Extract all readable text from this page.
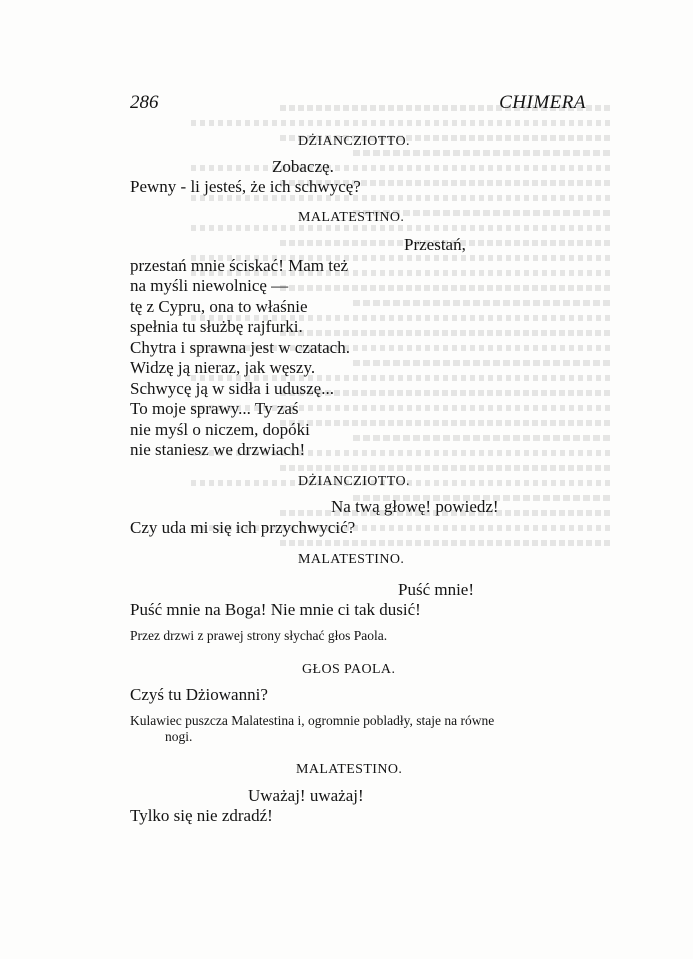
286	CHIMERA
DŻIANCZIOTTO.
Zobaczę.
Pewny - li jesteś, że ich schwycę?
MALATESTINO.
Przestań,
przestań mnie ściskać! Mam też
na myśli niewolnicę —
tę z Cypru, ona to właśnie
spełnia tu służbę rajfurki.
Chytra i sprawna jest w czatach.
Widzę ją nieraz, jak węszy.
Schwycę ją w sidła i uduszę...
To moje sprawy... Ty zaś
nie myśl o niczem, dopóki
nie staniesz we drzwiach!
DŻIANCZIOTTO.
Na twą głowę! powiedz!
Czy uda mi się ich przychwycić?
MALATESTINO.
Puść mnie!
Puść mnie na Boga! Nie mnie ci tak dusić!
Przez drzwi z prawej strony słychać głos Paola.
GŁOS PAOLA.
Czyś tu Dżiowanni?
Kulawiec puszcza Malatestina i, ogromnie pobladły, staje na równe
nogi.
MALATESTINO.
Uważaj! uważaj!
Tylko się nie zdradź!
